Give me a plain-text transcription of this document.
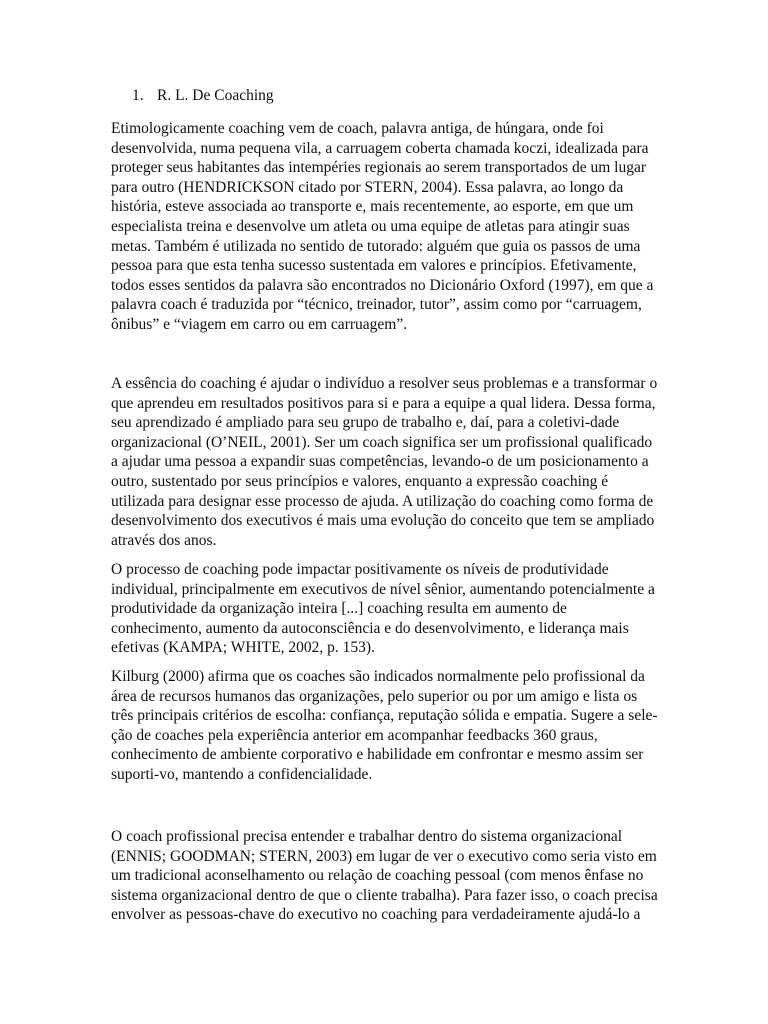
1. R. L. De Coaching

Etimologicamente coaching vem de coach, palavra antiga, de húngara, onde foi
desenvolvida, numa pequena vila, a carruagem coberta chamada koczi, idealizada para
proteger seus habitantes das intempéries regionais ao serem transportados de um lugar
para outro (HENDRICKSON citado por STERN, 2004). Essa palavra, ao longo da
história, esteve associada ao transporte e, mais recentemente, ao esporte, em que um
especialista treina e desenvolve um atleta ou uma equipe de atletas para atingir suas
metas. Também é utilizada no sentido de tutorado: alguém que guia os passos de uma
pessoa para que esta tenha sucesso sustentada em valores e princípios. Efetivamente,
todos esses sentidos da palavra são encontrados no Dicionário Oxford (1997), em que a
palavra coach é traduzida por “técnico, treinador, tutor”, assim como por “carruagem,
ônibus” e “viagem em carro ou em carruagem”.

A essência do coaching é ajudar o indivíduo a resolver seus problemas e a transformar o
que aprendeu em resultados positivos para si e para a equipe a qual lidera. Dessa forma,
seu aprendizado é ampliado para seu grupo de trabalho e, daí, para a coletivi-dade
organizacional (O’NEIL, 2001). Ser um coach significa ser um profissional qualificado
a ajudar uma pessoa a expandir suas competências, levando-o de um posicionamento a
outro, sustentado por seus princípios e valores, enquanto a expressão coaching é
utilizada para designar esse processo de ajuda. A utilização do coaching como forma de
desenvolvimento dos executivos é mais uma evolução do conceito que tem se ampliado
através dos anos.

O processo de coaching pode impactar positivamente os níveis de produtividade
individual, principalmente em executivos de nível sênior, aumentando potencialmente a
produtividade da organização inteira [...] coaching resulta em aumento de
conhecimento, aumento da autoconsciência e do desenvolvimento, e liderança mais
efetivas (KAMPA; WHITE, 2002, p. 153).

Kilburg (2000) afirma que os coaches são indicados normalmente pelo profissional da
área de recursos humanos das organizações, pelo superior ou por um amigo e lista os
três principais critérios de escolha: confiança, reputação sólida e empatia. Sugere a sele-
ção de coaches pela experiência anterior em acompanhar feedbacks 360 graus,
conhecimento de ambiente corporativo e habilidade em confrontar e mesmo assim ser
suporti-vo, mantendo a confidencialidade.

O coach profissional precisa entender e trabalhar dentro do sistema organizacional
(ENNIS; GOODMAN; STERN, 2003) em lugar de ver o executivo como seria visto em
um tradicional aconselhamento ou relação de coaching pessoal (com menos ênfase no
sistema organizacional dentro de que o cliente trabalha). Para fazer isso, o coach precisa
envolver as pessoas-chave do executivo no coaching para verdadeiramente ajudá-lo a
